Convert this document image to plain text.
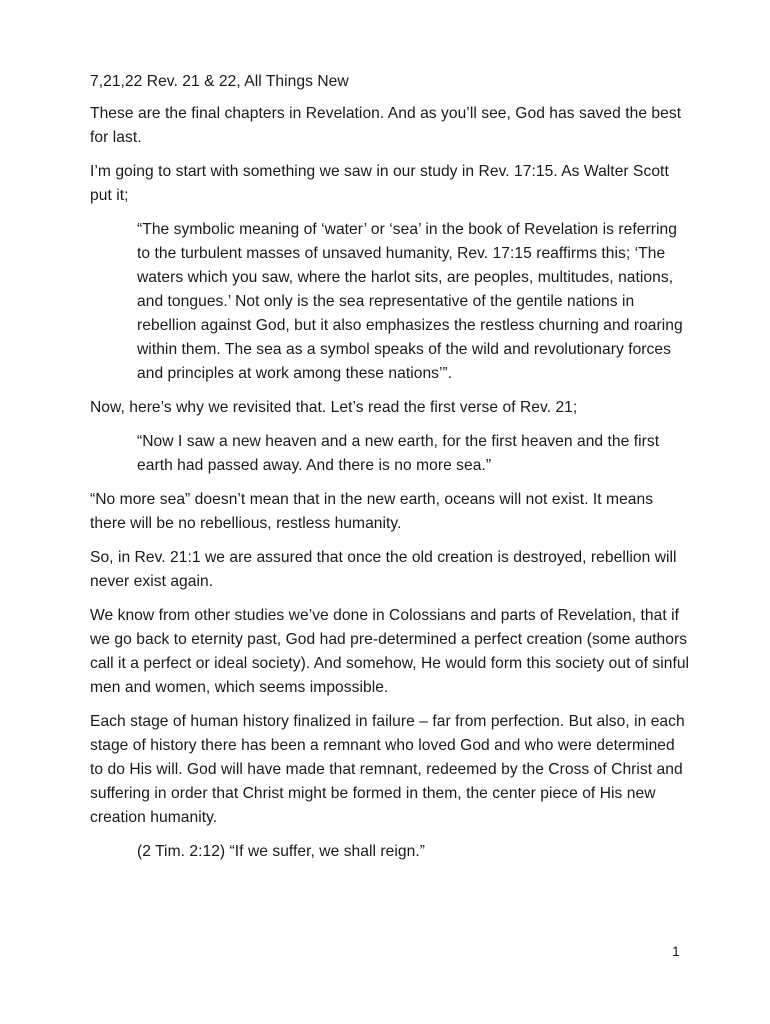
7,21,22 Rev. 21 & 22, All Things New

These are the final chapters in Revelation. And as you’ll see, God has saved the best for last.

I’m going to start with something we saw in our study in Rev. 17:15. As Walter Scott put it;

“The symbolic meaning of ‘water’ or ‘sea’ in the book of Revelation is referring to the turbulent masses of unsaved humanity, Rev. 17:15 reaffirms this; ‘The waters which you saw, where the harlot sits, are peoples, multitudes, nations, and tongues.’ Not only is the sea representative of the gentile nations in rebellion against God, but it also emphasizes the restless churning and roaring within them. The sea as a symbol speaks of the wild and revolutionary forces and principles at work among these nations’”.

Now, here’s why we revisited that. Let’s read the first verse of Rev. 21;

“Now I saw a new heaven and a new earth, for the first heaven and the first earth had passed away. And there is no more sea.”

“No more sea” doesn’t mean that in the new earth, oceans will not exist. It means there will be no rebellious, restless humanity.

So, in Rev. 21:1 we are assured that once the old creation is destroyed, rebellion will never exist again.

We know from other studies we’ve done in Colossians and parts of Revelation, that if we go back to eternity past, God had pre-determined a perfect creation (some authors call it a perfect or ideal society). And somehow, He would form this society out of sinful men and women, which seems impossible.

Each stage of human history finalized in failure – far from perfection. But also, in each stage of history there has been a remnant who loved God and who were determined to do His will. God will have made that remnant, redeemed by the Cross of Christ and suffering in order that Christ might be formed in them, the center piece of His new creation humanity.

(2 Tim. 2:12) “If we suffer, we shall reign.”

1
